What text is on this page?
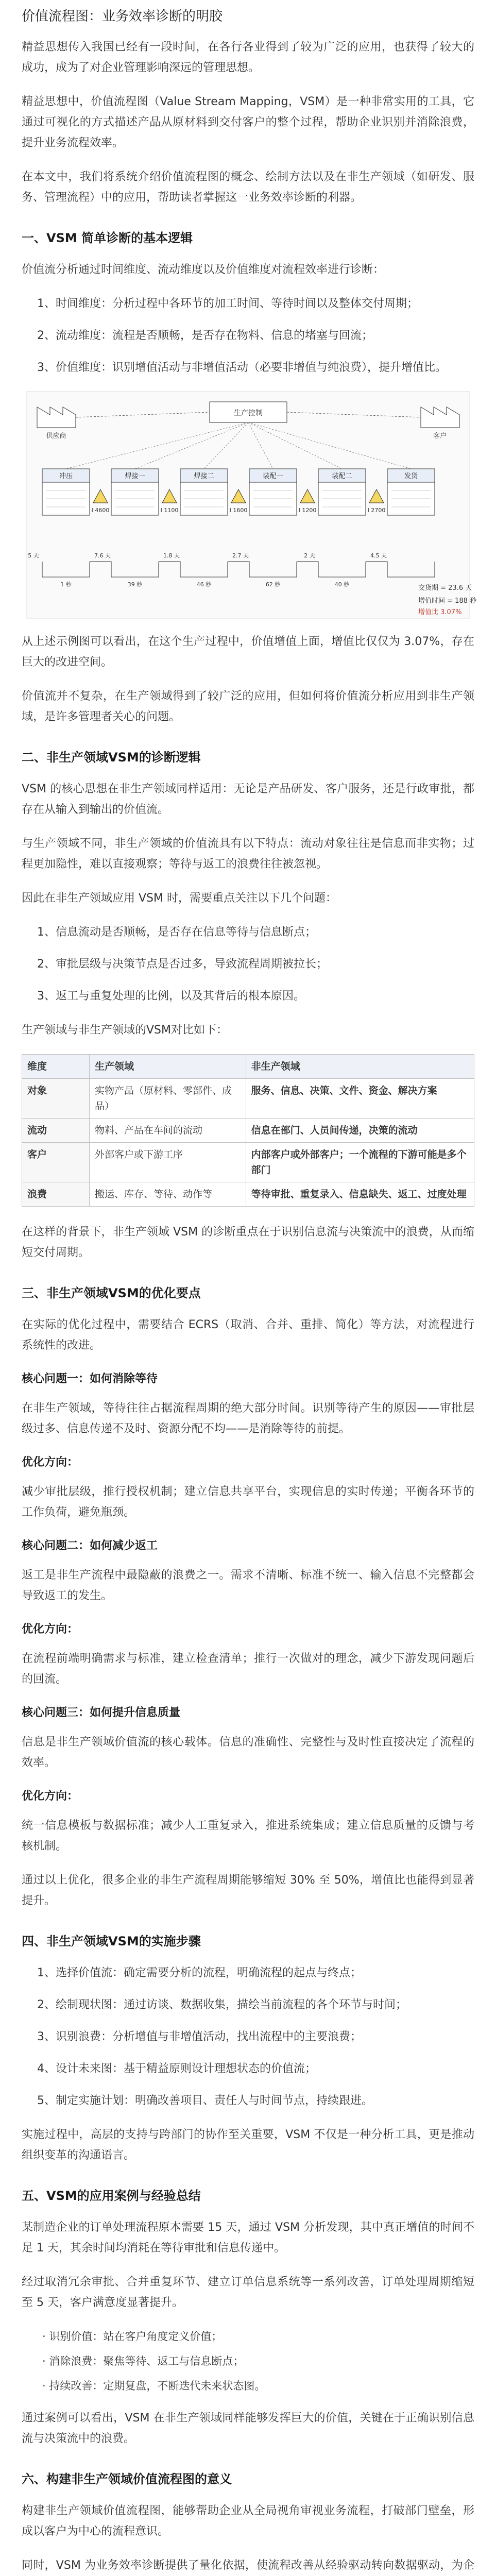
价值流程图：业务效率诊断的明胶

精益思想传入我国已经有一段时间，在各行各业得到了较为广泛的应用，也获得了较大的成功，成为了对企业管理影响深远的管理思想。

精益思想中，价值流程图（Value Stream Mapping，VSM）是一种非常实用的工具，它通过可视化的方式描述产品从原材料到交付客户的整个过程，帮助企业识别并消除浪费，提升业务流程效率。

在本文中，我们将系统介绍价值流程图的概念、绘制方法以及在非生产领域（如研发、服务、管理流程）中的应用，帮助读者掌握这一业务效率诊断的利器。

一、VSM 简单诊断的基本逻辑

价值流分析通过时间维度、流动维度以及价值维度对流程效率进行诊断：

1、时间维度：分析过程中各环节的加工时间、等待时间以及整体交付周期；
2、流动维度：流程是否顺畅，是否存在物料、信息的堵塞与回流；
3、价值维度：识别增值活动与非增值活动（必要非增值与纯浪费），提升增值比。
供应商
生产控制
客户
冲压	焊接一	焊接二	装配一	装配二	发货
I 4600	I 1100	I 1600	I 1200	I 2700
5 天
1 秒
7.6 天
39 秒
1.8 天
46 秒
2.7 天
62 秒
2 天
40 秒
4.5 天
交货期 = 23.6 天
增值时间 = 188 秒
增值比 3.07%

从上述示例图可以看出，在这个生产过程中，价值增值上面，增值比仅仅为 3.07%，存在巨大的改进空间。

价值流并不复杂，在生产领域得到了较广泛的应用，但如何将价值流分析应用到非生产领域，是许多管理者关心的问题。

二、非生产领域VSM的诊断逻辑

VSM 的核心思想在非生产领域同样适用：无论是产品研发、客户服务，还是行政审批，都存在从输入到输出的价值流。

与生产领域不同，非生产领域的价值流具有以下特点：流动对象往往是信息而非实物；过程更加隐性，难以直接观察；等待与返工的浪费往往被忽视。

因此在非生产领域应用 VSM 时，需要重点关注以下几个问题：

1、信息流动是否顺畅，是否存在信息等待与信息断点；
2、审批层级与决策节点是否过多，导致流程周期被拉长；
3、返工与重复处理的比例，以及其背后的根本原因。

生产领域与非生产领域的VSM对比如下：

维度	生产领域	非生产领域
对象	实物产品（原材料、零部件、成品）	服务、信息、决策、文件、资金、解决方案
流动	物料、产品在车间的流动	信息在部门、人员间传递，决策的流动
客户	外部客户或下游工序	内部客户或外部客户；一个流程的下游可能是多个部门
浪费	搬运、库存、等待、动作等	等待审批、重复录入、信息缺失、返工、过度处理

在这样的背景下，非生产领域 VSM 的诊断重点在于识别信息流与决策流中的浪费，从而缩短交付周期。

三、非生产领域VSM的优化要点

在实际的优化过程中，需要结合 ECRS（取消、合并、重排、简化）等方法，对流程进行系统性的改进。

核心问题一：如何消除等待

在非生产领域，等待往往占据流程周期的绝大部分时间。识别等待产生的原因——审批层级过多、信息传递不及时、资源分配不均——是消除等待的前提。

优化方向：

减少审批层级，推行授权机制；建立信息共享平台，实现信息的实时传递；平衡各环节的工作负荷，避免瓶颈。

核心问题二：如何减少返工

返工是非生产流程中最隐蔽的浪费之一。需求不清晰、标准不统一、输入信息不完整都会导致返工的发生。

优化方向：

在流程前端明确需求与标准，建立检查清单；推行一次做对的理念，减少下游发现问题后的回流。

核心问题三：如何提升信息质量

信息是非生产领域价值流的核心载体。信息的准确性、完整性与及时性直接决定了流程的效率。

优化方向：

统一信息模板与数据标准；减少人工重复录入，推进系统集成；建立信息质量的反馈与考核机制。

通过以上优化，很多企业的非生产流程周期能够缩短 30% 至 50%，增值比也能得到显著提升。

四、非生产领域VSM的实施步骤
1、选择价值流：确定需要分析的流程，明确流程的起点与终点；
2、绘制现状图：通过访谈、数据收集，描绘当前流程的各个环节与时间；
3、识别浪费：分析增值与非增值活动，找出流程中的主要浪费；
4、设计未来图：基于精益原则设计理想状态的价值流；
5、制定实施计划：明确改善项目、责任人与时间节点，持续跟进。

实施过程中，高层的支持与跨部门的协作至关重要，VSM 不仅是一种分析工具，更是推动组织变革的沟通语言。

五、VSM的应用案例与经验总结

某制造企业的订单处理流程原本需要 15 天，通过 VSM 分析发现，其中真正增值的时间不足 1 天，其余时间均消耗在等待审批和信息传递中。

经过取消冗余审批、合并重复环节、建立订单信息系统等一系列改善，订单处理周期缩短至 5 天，客户满意度显著提升。

· 识别价值：站在客户角度定义价值；
· 消除浪费：聚焦等待、返工与信息断点；
· 持续改善：定期复盘，不断迭代未来状态图。

通过案例可以看出，VSM 在非生产领域同样能够发挥巨大的价值，关键在于正确识别信息流与决策流中的浪费。

六、构建非生产领域价值流程图的意义

构建非生产领域价值流程图，能够帮助企业从全局视角审视业务流程，打破部门壁垒，形成以客户为中心的流程意识。

同时，VSM 为业务效率诊断提供了量化依据，使流程改善从经验驱动转向数据驱动，为企
